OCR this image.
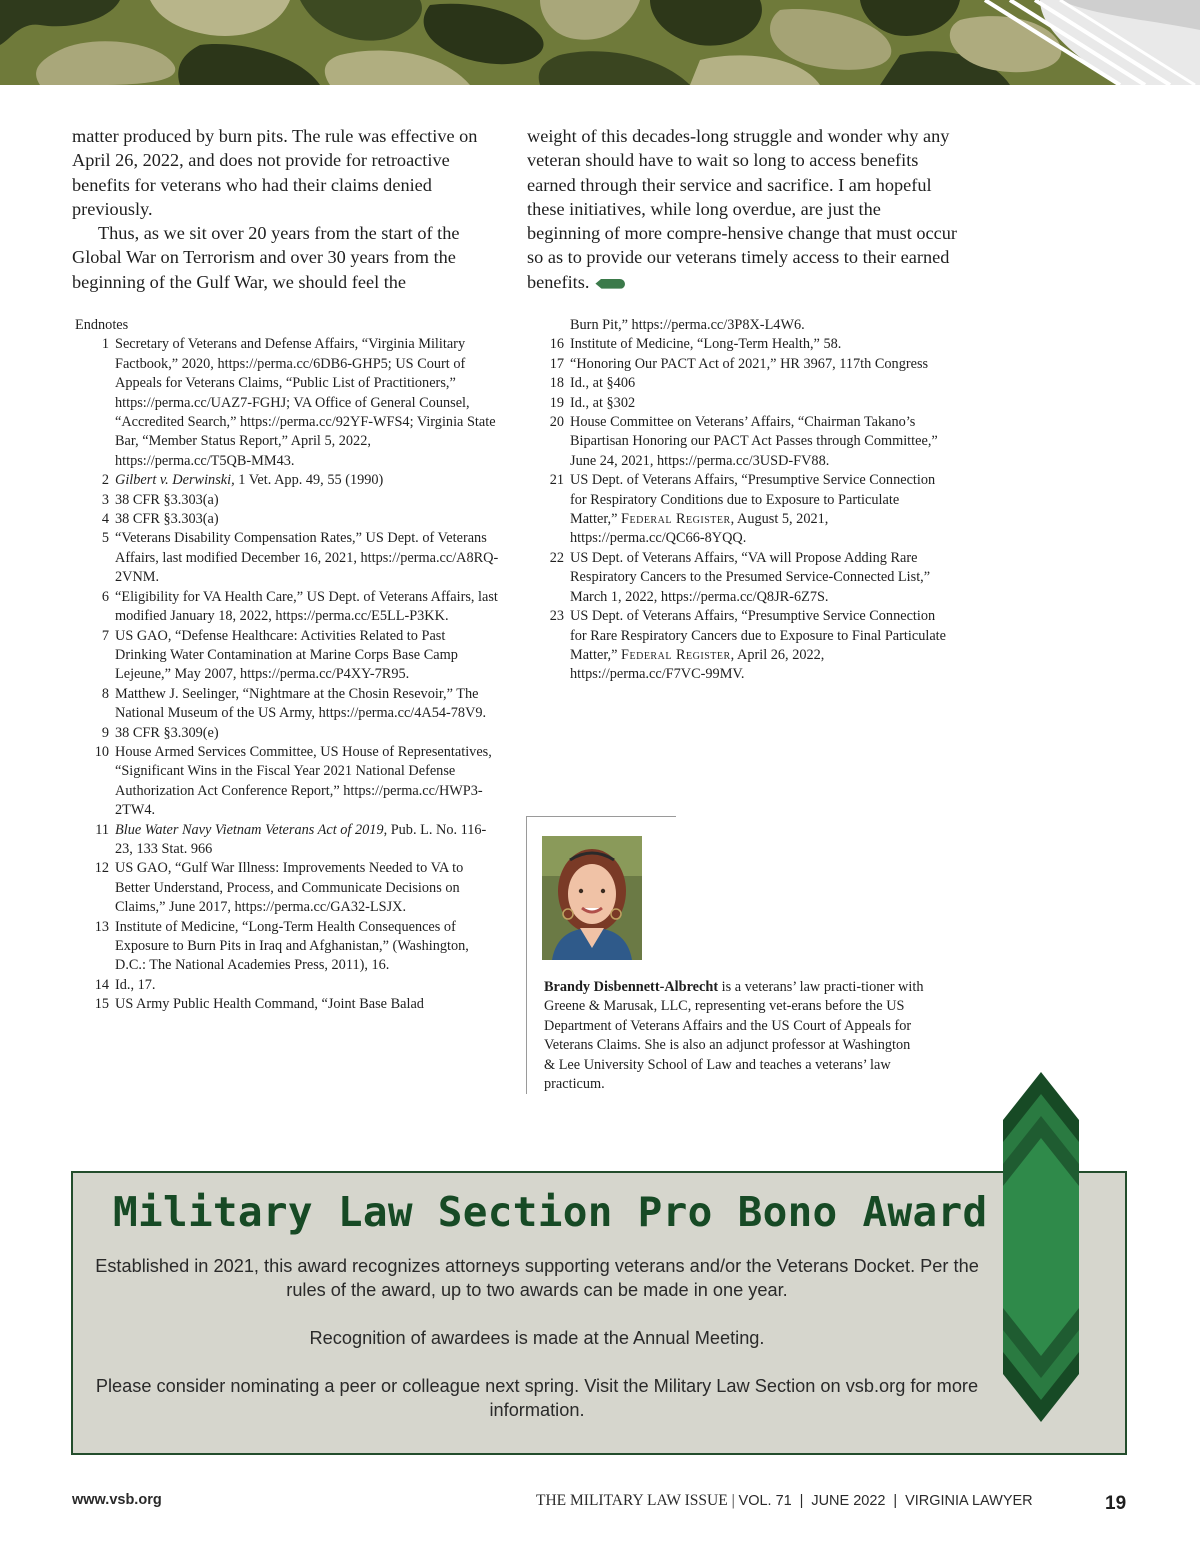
matter produced by burn pits. The rule was effective on April 26, 2022, and does not provide for retroactive benefits for veterans who had their claims denied previously.

Thus, as we sit over 20 years from the start of the Global War on Terrorism and over 30 years from the beginning of the Gulf War, we should feel the

weight of this decades-long struggle and wonder why any veteran should have to wait so long to access benefits earned through their service and sacrifice. I am hopeful these initiatives, while long overdue, are just the beginning of more compre-hensive change that must occur so as to provide our veterans timely access to their earned benefits.

Endnotes
1 Secretary of Veterans and Defense Affairs, “Virginia Military Factbook,” 2020, https://perma.cc/6DB6-GHP5; US Court of Appeals for Veterans Claims, “Public List of Practitioners,” https://perma.cc/UAZ7-FGHJ; VA Office of General Counsel, “Accredited Search,” https://perma.cc/92YF-WFS4; Virginia State Bar, “Member Status Report,” April 5, 2022, https://perma.cc/T5QB-MM43.
2 Gilbert v. Derwinski, 1 Vet. App. 49, 55 (1990)
3 38 CFR §3.303(a)
4 38 CFR §3.303(a)
5 “Veterans Disability Compensation Rates,” US Dept. of Veterans Affairs, last modified December 16, 2021, https://perma.cc/A8RQ-2VNM.
6 “Eligibility for VA Health Care,” US Dept. of Veterans Affairs, last modified January 18, 2022, https://perma.cc/E5LL-P3KK.
7 US GAO, “Defense Healthcare: Activities Related to Past Drinking Water Contamination at Marine Corps Base Camp Lejeune,” May 2007, https://perma.cc/P4XY-7R95.
8 Matthew J. Seelinger, “Nightmare at the Chosin Resevoir,” The National Museum of the US Army, https://perma.cc/4A54-78V9.
9 38 CFR §3.309(e)
10 House Armed Services Committee, US House of Representatives, “Significant Wins in the Fiscal Year 2021 National Defense Authorization Act Conference Report,” https://perma.cc/HWP3-2TW4.
11 Blue Water Navy Vietnam Veterans Act of 2019, Pub. L. No. 116-23, 133 Stat. 966
12 US GAO, “Gulf War Illness: Improvements Needed to VA to Better Understand, Process, and Communicate Decisions on Claims,” June 2017, https://perma.cc/GA32-LSJX.
13 Institute of Medicine, “Long-Term Health Consequences of Exposure to Burn Pits in Iraq and Afghanistan,” (Washington, D.C.: The National Academies Press, 2011), 16.
14 Id., 17.
15 US Army Public Health Command, “Joint Base Balad
Burn Pit,” https://perma.cc/3P8X-L4W6.
16 Institute of Medicine, “Long-Term Health,” 58.
17 “Honoring Our PACT Act of 2021,” HR 3967, 117th Congress
18 Id., at §406
19 Id., at §302
20 House Committee on Veterans’ Affairs, “Chairman Takano’s Bipartisan Honoring our PACT Act Passes through Committee,” June 24, 2021, https://perma.cc/3USD-FV88.
21 US Dept. of Veterans Affairs, “Presumptive Service Connection for Respiratory Conditions due to Exposure to Particulate Matter,” Federal Register, August 5, 2021, https://perma.cc/QC66-8YQQ.
22 US Dept. of Veterans Affairs, “VA will Propose Adding Rare Respiratory Cancers to the Presumed Service-Connected List,” March 1, 2022, https://perma.cc/Q8JR-6Z7S.
23 US Dept. of Veterans Affairs, “Presumptive Service Connection for Rare Respiratory Cancers due to Exposure to Final Particulate Matter,” Federal Register, April 26, 2022, https://perma.cc/F7VC-99MV.

Brandy Disbennett-Albrecht is a veterans’ law practi-tioner with Greene & Marusak, LLC, representing vet-erans before the US Department of Veterans Affairs and the US Court of Appeals for Veterans Claims. She is also an adjunct professor at Washington & Lee University School of Law and teaches a veterans’ law practicum.

Military Law Section Pro Bono Award

Established in 2021, this award recognizes attorneys supporting veterans and/or the Veterans Docket. Per the rules of the award, up to two awards can be made in one year.

Recognition of awardees is made at the Annual Meeting.

Please consider nominating a peer or colleague next spring. Visit the Military Law Section on vsb.org for more information.

www.vsb.org	THE MILITARY LAW ISSUE | VOL. 71  |  JUNE 2022  |  VIRGINIA LAWYER	19
